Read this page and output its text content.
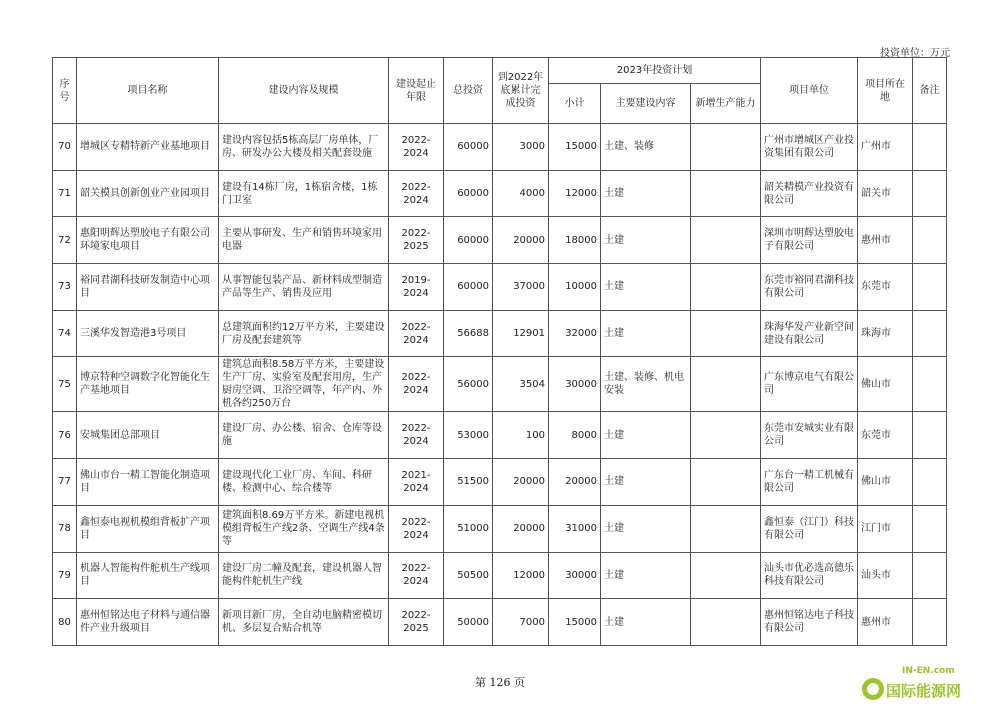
投资单位：万元
序号	项目名称	建设内容及规模	建设起止年限	总投资	到2022年底累计完成投资	2023年投资计划			项目单位	项目所在地	备注
						小计	主要建设内容	新增生产能力			
70	增城区专精特新产业基地项目	建设内容包括5栋高层厂房单体，厂房、研发办公大楼及相关配套设施	2022-2024	60000	3000	15000	土建、装修		广州市增城区产业投资集团有限公司	广州市	
71	韶关模具创新创业产业园项目	建设有14栋厂房，1栋宿舍楼，1栋门卫室	2022-2024	60000	4000	12000	土建		韶关精模产业投资有限公司	韶关市	
72	惠阳明辉达塑胶电子有限公司环境家电项目	主要从事研发、生产和销售环境家用电器	2022-2025	60000	20000	18000	土建		深圳市明辉达塑胶电子有限公司	惠州市	
73	裕同君湖科技研发制造中心项目	从事智能包装产品、新材料成型制造产品等生产、销售及应用	2019-2024	60000	37000	10000	土建		东莞市裕同君湖科技有限公司	东莞市	
74	三溪华发智造港3号项目	总建筑面积约12万平方米，主要建设厂房及配套建筑等	2022-2024	56688	12901	32000	土建		珠海华发产业新空间建设有限公司	珠海市	
75	博京特种空调数字化智能化生产基地项目	建筑总面积8.58万平方米，主要建设生产厂房、实验室及配套用房，生产厨房空调、卫浴空调等，年产内、外机各约250万台	2022-2024	56000	3504	30000	土建、装修、机电安装		广东博京电气有限公司	佛山市	
76	安城集团总部项目	建设厂房、办公楼、宿舍、仓库等设施	2022-2024	53000	100	8000	土建		东莞市安城实业有限公司	东莞市	
77	佛山市台一精工智能化制造项目	建设现代化工业厂房、车间、科研楼、检测中心、综合楼等	2021-2024	51500	20000	20000	土建		广东台一精工机械有限公司	佛山市	
78	鑫恒泰电视机模组背板扩产项目	建筑面积8.69万平方米。新建电视机模组背板生产线2条、空调生产线4条等	2022-2024	51000	20000	31000	土建		鑫恒泰（江门）科技有限公司	江门市	
79	机器人智能构件舵机生产线项目	建设厂房二幢及配套，建设机器人智能构件舵机生产线	2022-2024	50500	12000	30000	土建		汕头市优必选高德乐科技有限公司	汕头市	
80	惠州恒铭达电子材料与通信器件产业升级项目	新项目新厂房，全自动电脑精密模切机、多层复合贴合机等	2022-2025	50000	7000	15000	土建		惠州恒铭达电子科技有限公司	惠州市	
第 126 页
IN-EN.com
国际能源网
